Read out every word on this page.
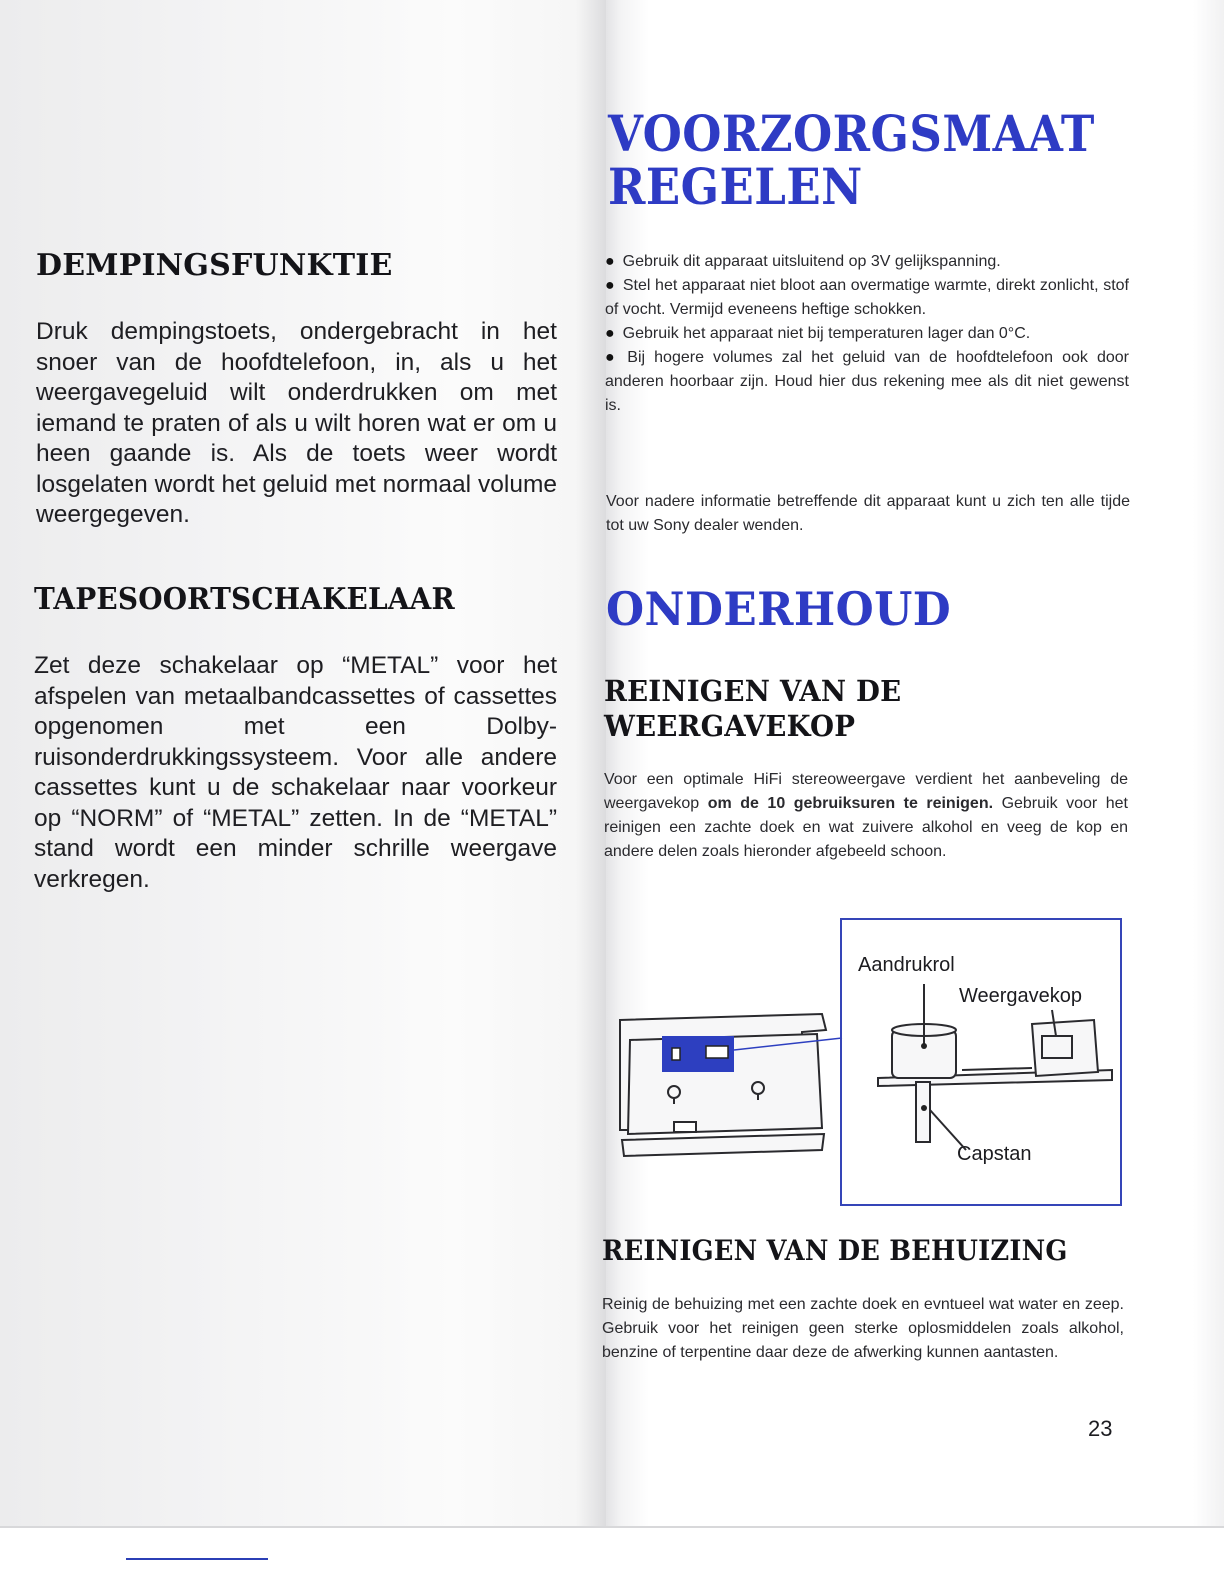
DEMPINGSFUNKTIE

Druk dempingstoets, ondergebracht in het snoer van de hoofdtelefoon, in, als u het weergavegeluid wilt onderdrukken om met iemand te praten of als u wilt horen wat er om u heen gaande is. Als de toets weer wordt losgelaten wordt het geluid met normaal volume weergegeven.

TAPESOORTSCHAKELAAR

Zet deze schakelaar op “METAL” voor het afspelen van metaalbandcassettes of cassettes opgenomen met een Dolby-ruisonderdrukkingssysteem. Voor alle andere cassettes kunt u de schakelaar naar voorkeur op “NORM” of “METAL” zetten. In de “METAL” stand wordt een minder schrille weergave verkregen.

VOORZORGSMAAT
REGELEN
● Gebruik dit apparaat uitsluitend op 3V gelijkspanning.
● Stel het apparaat niet bloot aan overmatige warmte, direkt zonlicht, stof of vocht. Vermijd eveneens heftige schokken.
● Gebruik het apparaat niet bij temperaturen lager dan 0°C.
● Bij hogere volumes zal het geluid van de hoofdtelefoon ook door anderen hoorbaar zijn. Houd hier dus rekening mee als dit niet gewenst is.

Voor nadere informatie betreffende dit apparaat kunt u zich ten alle tijde tot uw Sony dealer wenden.

ONDERHOUD
REINIGEN VAN DE
WEERGAVEKOP

Voor een optimale HiFi stereoweergave verdient het aanbeveling de weergavekop om de 10 gebruiksuren te reinigen. Gebruik voor het reinigen een zachte doek en wat zuivere alkohol en veeg de kop en andere delen zoals hieronder afgebeeld schoon.

Aandrukrol

Weergavekop

Capstan

REINIGEN VAN DE BEHUIZING

Reinig de behuizing met een zachte doek en evntueel wat water en zeep. Gebruik voor het reinigen geen sterke oplosmiddelen zoals alkohol, benzine of terpentine daar deze de afwerking kunnen aantasten.

23
